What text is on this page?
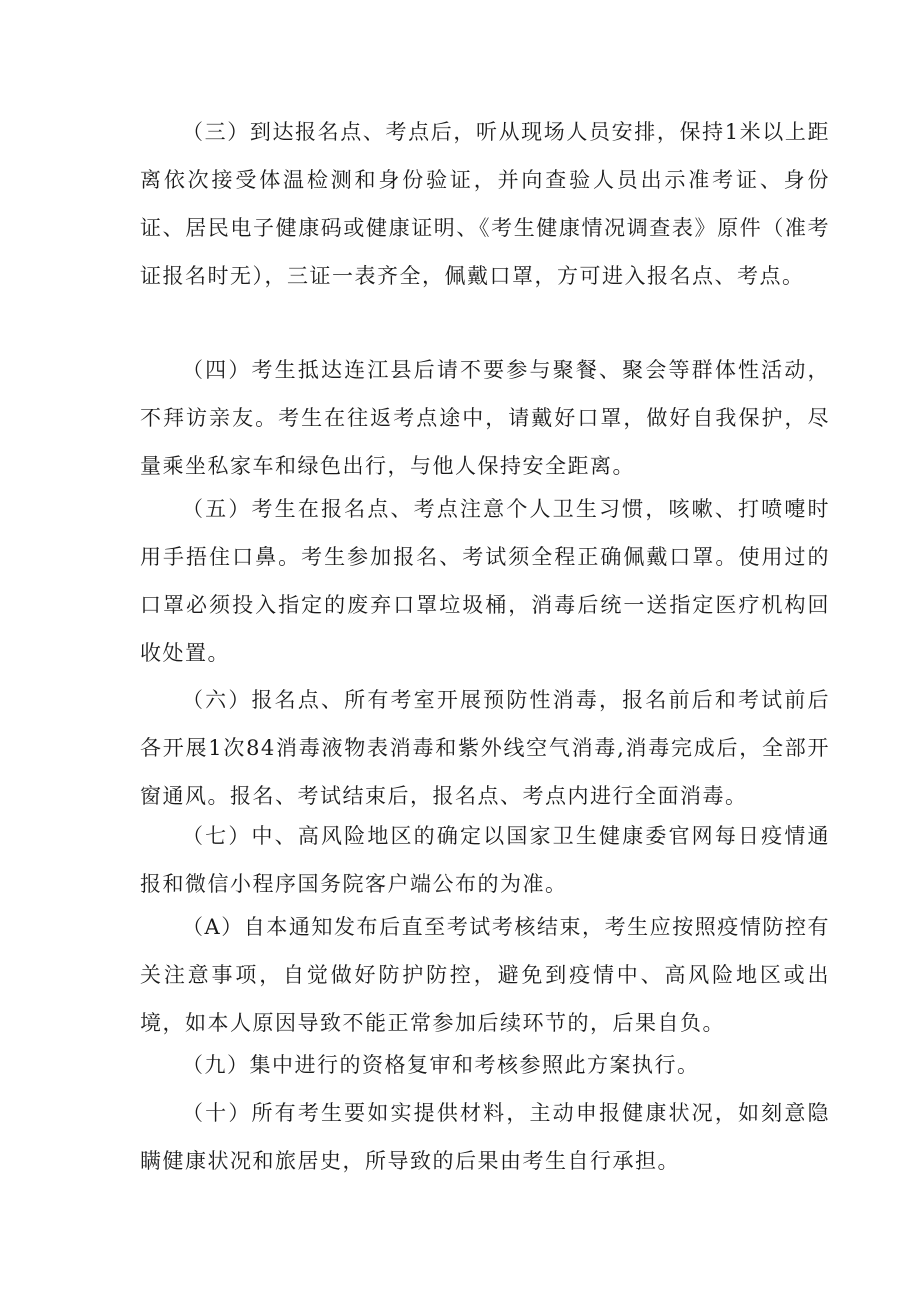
（三）到达报名点、考点后，听从现场人员安排，保持1米以上距离依次接受体温检测和身份验证，并向查验人员出示准考证、身份证、居民电子健康码或健康证明、《考生健康情况调查表》原件（准考证报名时无），三证一表齐全，佩戴口罩，方可进入报名点、考点。

（四）考生抵达连江县后请不要参与聚餐、聚会等群体性活动，不拜访亲友。考生在往返考点途中，请戴好口罩，做好自我保护，尽量乘坐私家车和绿色出行，与他人保持安全距离。

（五）考生在报名点、考点注意个人卫生习惯，咳嗽、打喷嚏时用手捂住口鼻。考生参加报名、考试须全程正确佩戴口罩。使用过的口罩必须投入指定的废弃口罩垃圾桶，消毒后统一送指定医疗机构回收处置。

（六）报名点、所有考室开展预防性消毒，报名前后和考试前后各开展1次84消毒液物表消毒和紫外线空气消毒,消毒完成后，全部开窗通风。报名、考试结束后，报名点、考点内进行全面消毒。

（七）中、高风险地区的确定以国家卫生健康委官网每日疫情通报和微信小程序国务院客户端公布的为准。

（A）自本通知发布后直至考试考核结束，考生应按照疫情防控有关注意事项，自觉做好防护防控，避免到疫情中、高风险地区或出境，如本人原因导致不能正常参加后续环节的，后果自负。

（九）集中进行的资格复审和考核参照此方案执行。

（十）所有考生要如实提供材料，主动申报健康状况，如刻意隐瞒健康状况和旅居史，所导致的后果由考生自行承担。
